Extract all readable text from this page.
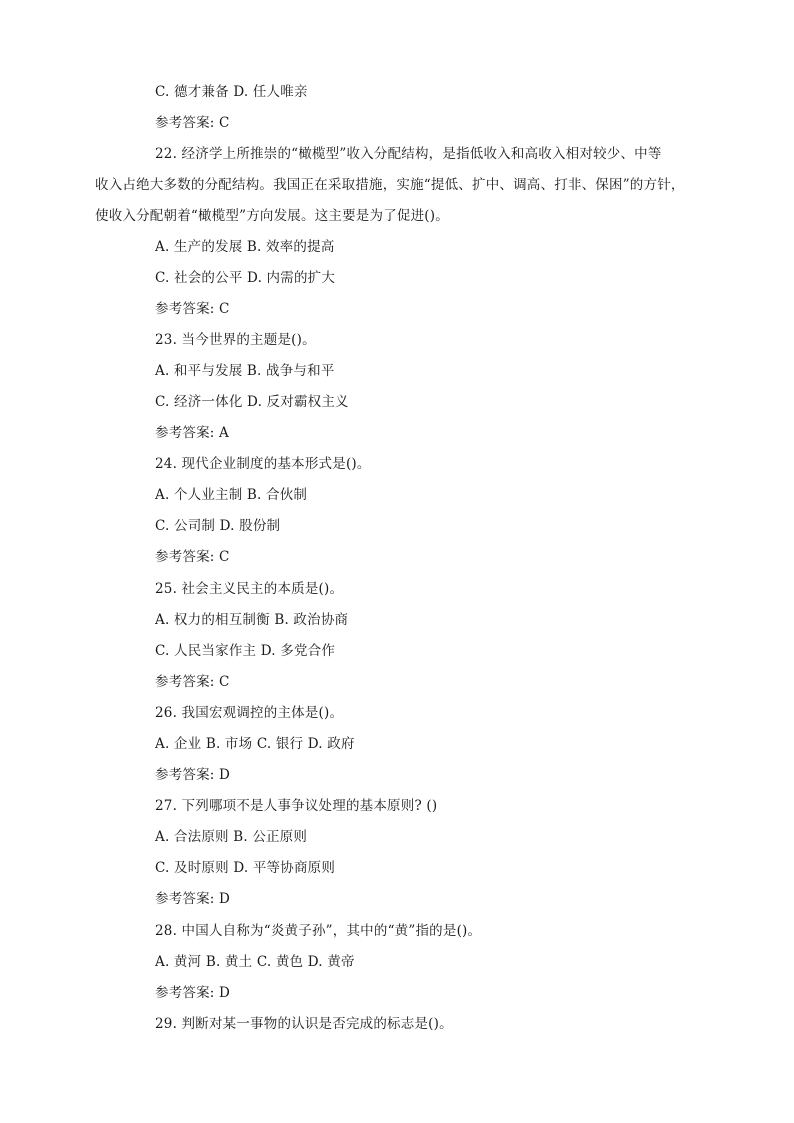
C. 德才兼备 D. 任人唯亲
参考答案: C
22. 经济学上所推崇的“橄榄型”收入分配结构，是指低收入和高收入相对较少、中等
收入占绝大多数的分配结构。我国正在采取措施，实施“提低、扩中、调高、打非、保困”的方针，
使收入分配朝着“橄榄型”方向发展。这主要是为了促进()。
A. 生产的发展 B. 效率的提高
C. 社会的公平 D. 内需的扩大
参考答案: C
23. 当今世界的主题是()。
A. 和平与发展 B. 战争与和平
C. 经济一体化 D. 反对霸权主义
参考答案: A
24. 现代企业制度的基本形式是()。
A. 个人业主制 B. 合伙制
C. 公司制 D. 股份制
参考答案: C
25. 社会主义民主的本质是()。
A. 权力的相互制衡 B. 政治协商
C. 人民当家作主 D. 多党合作
参考答案: C
26. 我国宏观调控的主体是()。
A. 企业 B. 市场 C. 银行 D. 政府
参考答案: D
27. 下列哪项不是人事争议处理的基本原则? ()
A. 合法原则 B. 公正原则
C. 及时原则 D. 平等协商原则
参考答案: D
28. 中国人自称为“炎黄子孙”，其中的“黄”指的是()。
A. 黄河 B. 黄土 C. 黄色 D. 黄帝
参考答案: D
29. 判断对某一事物的认识是否完成的标志是()。
